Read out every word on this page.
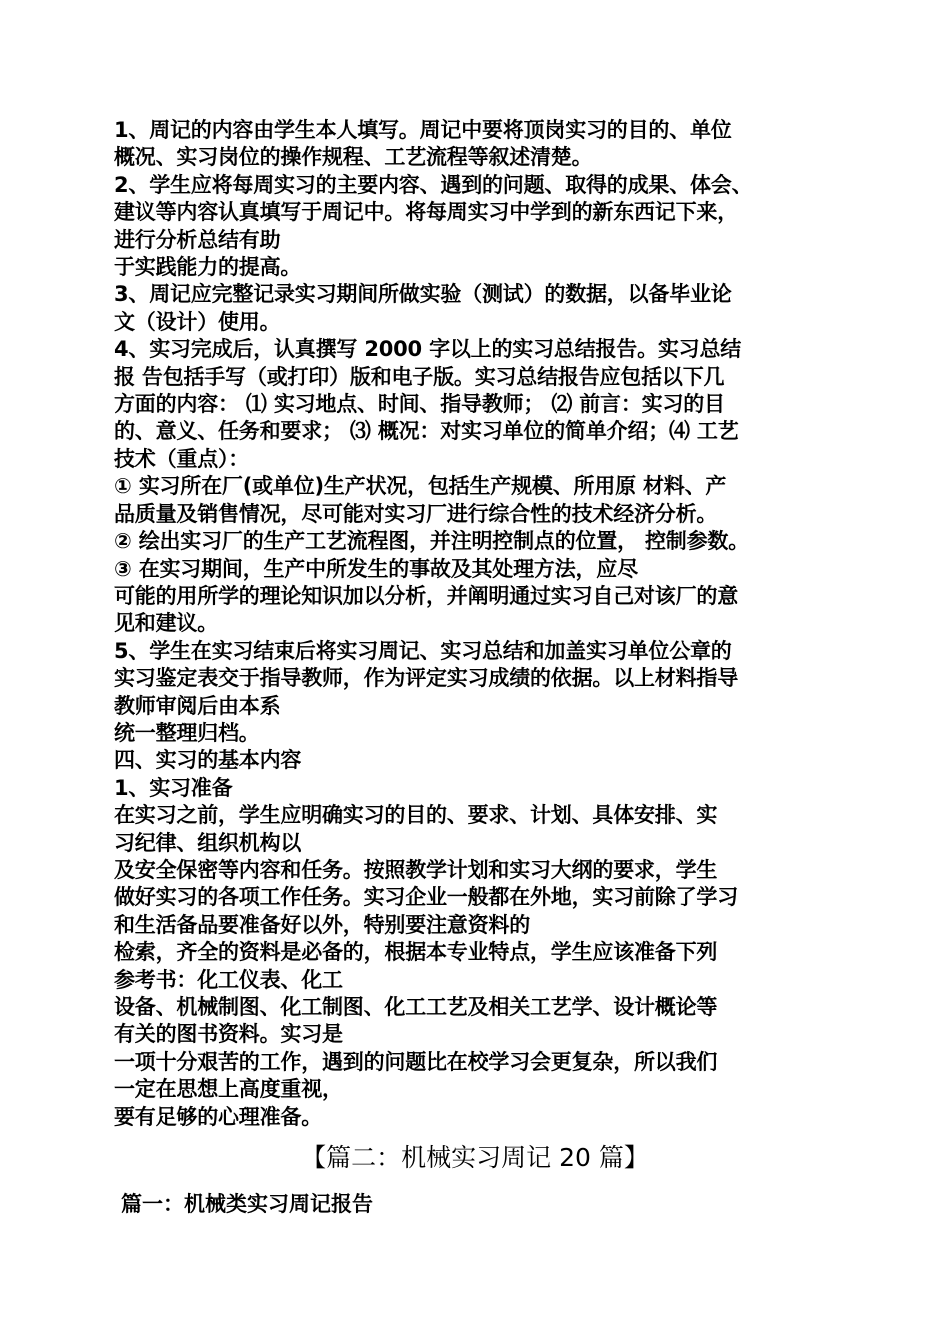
1、周记的内容由学生本人填写。周记中要将顶岗实习的目的、单位
概况、实习岗位的操作规程、工艺流程等叙述清楚。
2、学生应将每周实习的主要内容、遇到的问题、取得的成果、体会、
建议等内容认真填写于周记中。将每周实习中学到的新东西记下来，
进行分析总结有助
于实践能力的提高。
3、周记应完整记录实习期间所做实验（测试）的数据，以备毕业论
文（设计）使用。
4、实习完成后，认真撰写 2000 字以上的实习总结报告。实习总结
报 告包括手写（或打印）版和电子版。实习总结报告应包括以下几
方面的内容： ⑴ 实习地点、时间、指导教师； ⑵ 前言：实习的目
的、意义、任务和要求； ⑶ 概况：对实习单位的简单介绍；⑷ 工艺
技术（重点）：
① 实习所在厂(或单位)生产状况，包括生产规模、所用原 材料、产
品质量及销售情况，尽可能对实习厂进行综合性的技术经济分析。
② 绘出实习厂的生产工艺流程图，并注明控制点的位置， 控制参数。
③ 在实习期间，生产中所发生的事故及其处理方法，应尽
可能的用所学的理论知识加以分析，并阐明通过实习自己对该厂的意
见和建议。
5、学生在实习结束后将实习周记、实习总结和加盖实习单位公章的
实习鉴定表交于指导教师，作为评定实习成绩的依据。以上材料指导
教师审阅后由本系
统一整理归档。
四、实习的基本内容
1、实习准备
在实习之前，学生应明确实习的目的、要求、计划、具体安排、实
习纪律、组织机构以
及安全保密等内容和任务。按照教学计划和实习大纲的要求，学生
做好实习的各项工作任务。实习企业一般都在外地，实习前除了学习
和生活备品要准备好以外，特别要注意资料的
检索，齐全的资料是必备的，根据本专业特点，学生应该准备下列
参考书：化工仪表、化工
设备、机械制图、化工制图、化工工艺及相关工艺学、设计概论等
有关的图书资料。实习是
一项十分艰苦的工作，遇到的问题比在校学习会更复杂，所以我们
一定在思想上高度重视，
要有足够的心理准备。
【篇二：机械实习周记 20 篇】
篇一：机械类实习周记报告
